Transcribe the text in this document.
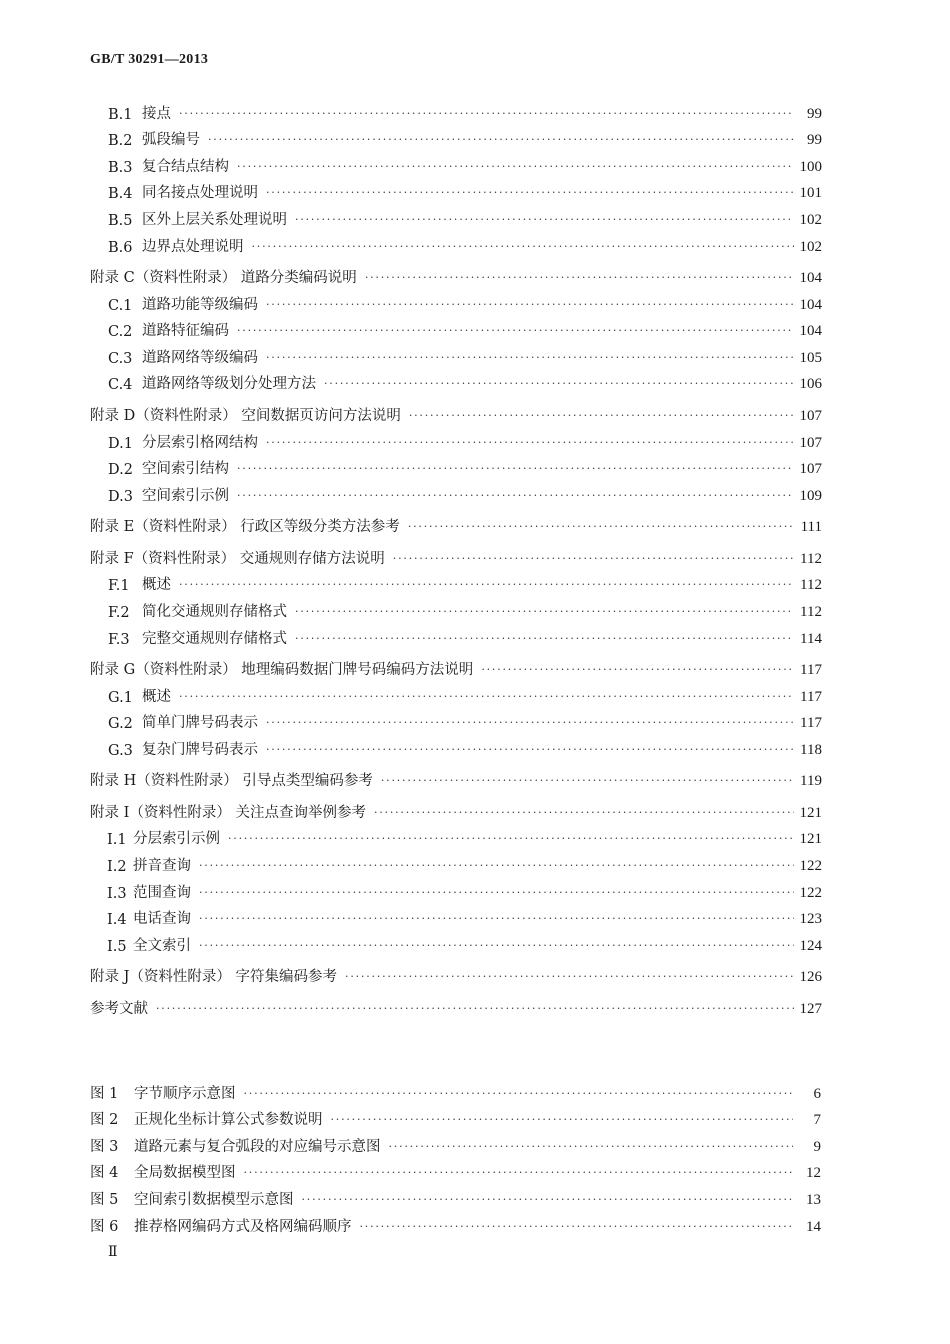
GB/T 30291—2013
B.1 接点 ·····	99
B.2 弧段编号 ·····	99
B.3 复合结点结构 ·····	100
B.4 同名接点处理说明 ·····	101
B.5 区外上层关系处理说明 ·····	102
B.6 边界点处理说明 ·····	102
附录 C（资料性附录） 道路分类编码说明 ·····	104
C.1 道路功能等级编码 ·····	104
C.2 道路特征编码 ·····	104
C.3 道路网络等级编码 ·····	105
C.4 道路网络等级划分处理方法 ·····	106
附录 D（资料性附录） 空间数据页访问方法说明 ·····	107
D.1 分层索引格网结构 ·····	107
D.2 空间索引结构 ·····	107
D.3 空间索引示例 ·····	109
附录 E（资料性附录） 行政区等级分类方法参考 ·····	111
附录 F（资料性附录） 交通规则存储方法说明 ·····	112
F.1 概述 ·····	112
F.2 简化交通规则存储格式 ·····	112
F.3 完整交通规则存储格式 ·····	114
附录 G（资料性附录） 地理编码数据门牌号码编码方法说明 ·····	117
G.1 概述 ·····	117
G.2 简单门牌号码表示 ·····	117
G.3 复杂门牌号码表示 ·····	118
附录 H（资料性附录） 引导点类型编码参考 ·····	119
附录 I（资料性附录） 关注点查询举例参考 ·····	121
I.1 分层索引示例 ·····	121
I.2 拼音查询 ·····	122
I.3 范围查询 ·····	122
I.4 电话查询 ·····	123
I.5 全文索引 ·····	124
附录 J（资料性附录） 字符集编码参考 ·····	126
参考文献 ·····	127
图 1	字节顺序示意图 ·····	6
图 2	正规化坐标计算公式参数说明 ·····	7
图 3	道路元素与复合弧段的对应编号示意图 ·····	9
图 4	全局数据模型图 ·····	12
图 5	空间索引数据模型示意图 ·····	13
图 6	推荐格网编码方式及格网编码顺序 ·····	14
Ⅱ
